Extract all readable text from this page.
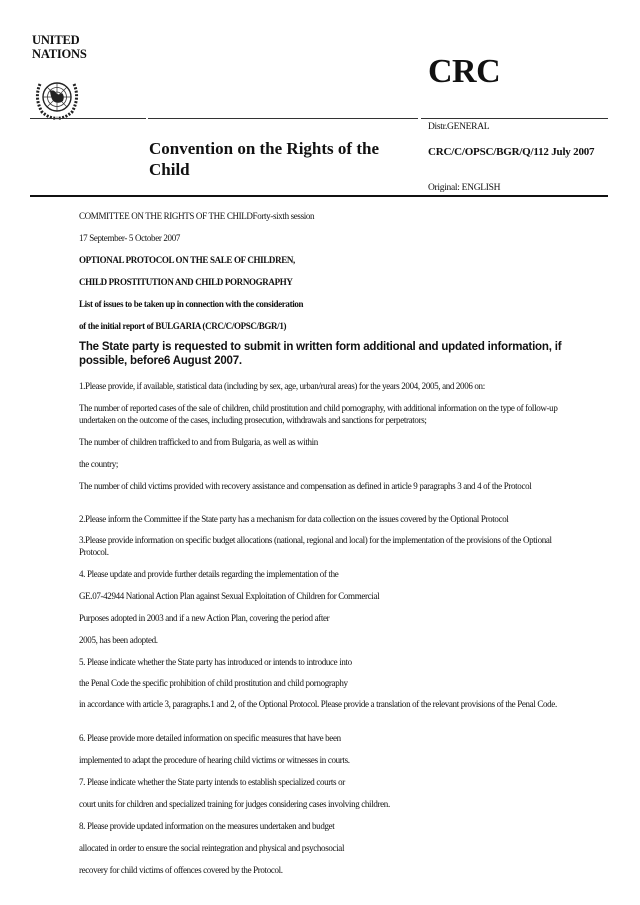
UNITED
NATIONS	CRC
Convention on the Rights of the Child
Distr.GENERAL
CRC/C/OPSC/BGR/Q/112 July 2007
Original: ENGLISH
COMMITTEE ON THE RIGHTS OF THE CHILDForty-sixth session
17 September- 5 October 2007
OPTIONAL PROTOCOL ON THE SALE OF CHILDREN,
CHILD PROSTITUTION AND CHILD PORNOGRAPHY
List of issues to be taken up in connection with the consideration
of the initial report of BULGARIA (CRC/C/OPSC/BGR/1)
The State party is requested to submit in written form additional and updated information, if possible, before6 August 2007.
1.Please provide, if available, statistical data (including by sex, age, urban/rural areas) for the years 2004, 2005, and 2006 on:
The number of reported cases of the sale of children, child prostitution and child pornography, with additional information on the type of follow-up undertaken on the outcome of the cases, including prosecution, withdrawals and sanctions for perpetrators;
The number of children trafficked to and from Bulgaria, as well as within
the country;
The number of child victims provided with recovery assistance and compensation as defined in article 9 paragraphs 3 and 4 of the Protocol
2.Please inform the Committee if the State party has a mechanism for data collection on the issues covered by the Optional Protocol
3.Please provide information on specific budget allocations (national, regional and local) for the implementation of the provisions of the Optional Protocol.
4. Please update and provide further details regarding the implementation of the
GE.07-42944 National Action Plan against Sexual Exploitation of Children for Commercial
Purposes adopted in 2003 and if a new Action Plan, covering the period after
2005, has been adopted.
5. Please indicate whether the State party has introduced or intends to introduce into
the Penal Code the specific prohibition of child prostitution and child pornography
in accordance with article 3, paragraphs.1 and 2, of the Optional Protocol. Please provide a translation of the relevant provisions of the Penal Code.
6. Please provide more detailed information on specific measures that have been
implemented to adapt the procedure of hearing child victims or witnesses in courts.
7. Please indicate whether the State party intends to establish specialized courts or
court units for children and specialized training for judges considering cases involving children.
8. Please provide updated information on the measures undertaken and budget
allocated in order to ensure the social reintegration and physical and psychosocial
recovery for child victims of offences covered by the Protocol.
